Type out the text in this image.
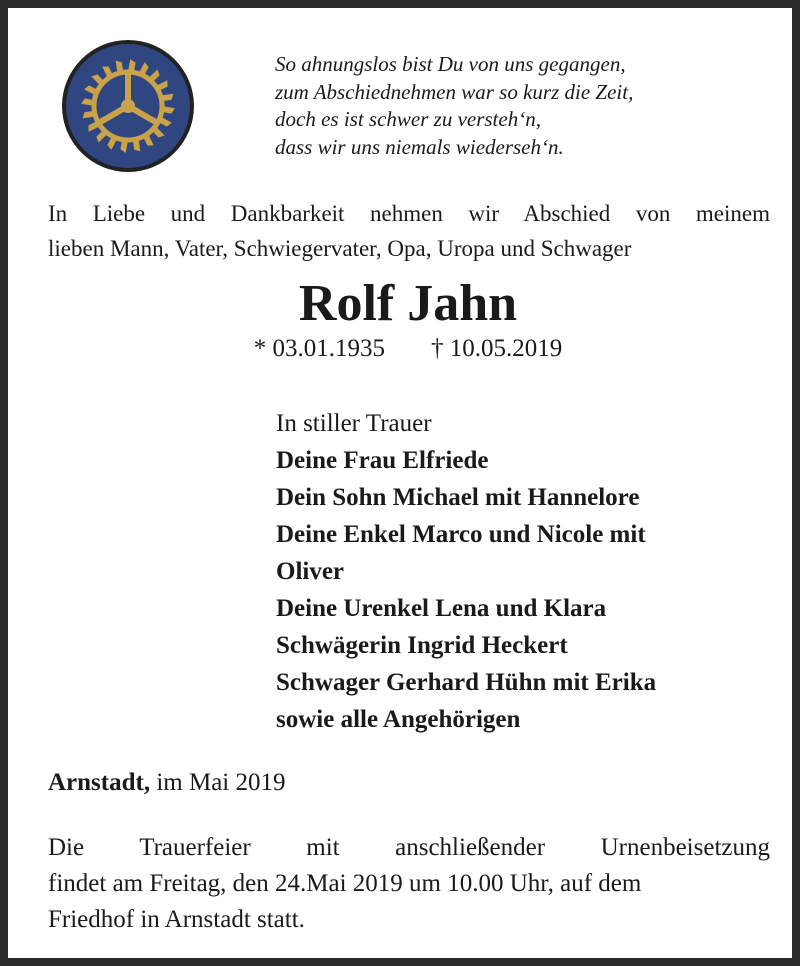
So ahnungslos bist Du von uns gegangen,
zum Abschiednehmen war so kurz die Zeit,
doch es ist schwer zu versteh‘n,
dass wir uns niemals wiederseh‘n.
In Liebe und Dankbarkeit nehmen wir Abschied von meinem
lieben Mann, Vater, Schwiegervater, Opa, Uropa und Schwager
Rolf Jahn
* 03.01.1935 † 10.05.2019
In stiller Trauer
Deine Frau Elfriede
Dein Sohn Michael mit Hannelore
Deine Enkel Marco und Nicole mit
Oliver
Deine Urenkel Lena und Klara
Schwägerin Ingrid Heckert
Schwager Gerhard Hühn mit Erika
sowie alle Angehörigen
Arnstadt, im Mai 2019
Die Trauerfeier mit anschließender Urnenbeisetzung
findet am Freitag, den 24.Mai 2019 um 10.00 Uhr, auf dem
Friedhof in Arnstadt statt.
